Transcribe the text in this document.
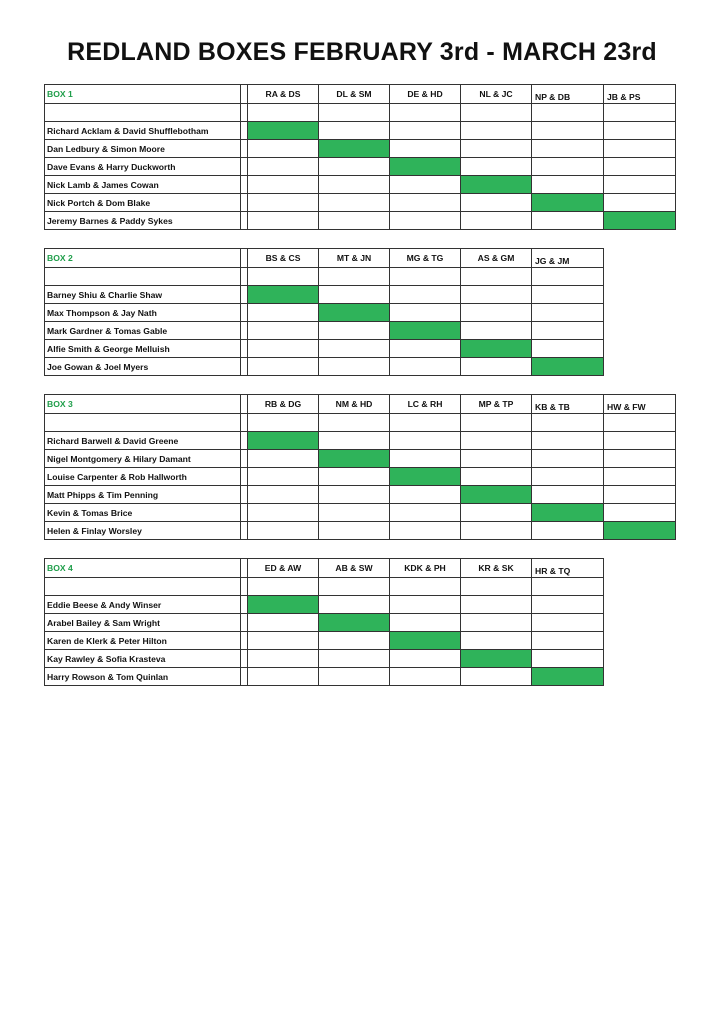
REDLAND BOXES FEBRUARY 3rd - MARCH 23rd
BOX 1		RA & DS	DL & SM	DE & HD	NL & JC	NP & DB	JB & PS

Richard Acklam & David Shufflebotham							
Dan Ledbury & Simon Moore							
Dave Evans & Harry Duckworth							
Nick Lamb & James Cowan							
Nick Portch & Dom Blake							
Jeremy Barnes & Paddy Sykes							
BOX 2		BS & CS	MT & JN	MG & TG	AS & GM	JG & JM

Barney Shiu & Charlie Shaw						
Max Thompson & Jay Nath						
Mark Gardner & Tomas Gable						
Alfie Smith & George Melluish						
Joe Gowan & Joel Myers						
BOX 3		RB & DG	NM & HD	LC & RH	MP & TP	KB & TB	HW & FW

Richard Barwell & David Greene							
Nigel Montgomery & Hilary Damant							
Louise Carpenter & Rob Hallworth							
Matt Phipps & Tim Penning							
Kevin & Tomas Brice							
Helen & Finlay Worsley							
BOX 4		ED & AW	AB & SW	KDK & PH	KR & SK	HR & TQ

Eddie Beese & Andy Winser						
Arabel Bailey & Sam Wright						
Karen de Klerk & Peter Hilton						
Kay Rawley & Sofia Krasteva						
Harry Rowson & Tom Quinlan						
